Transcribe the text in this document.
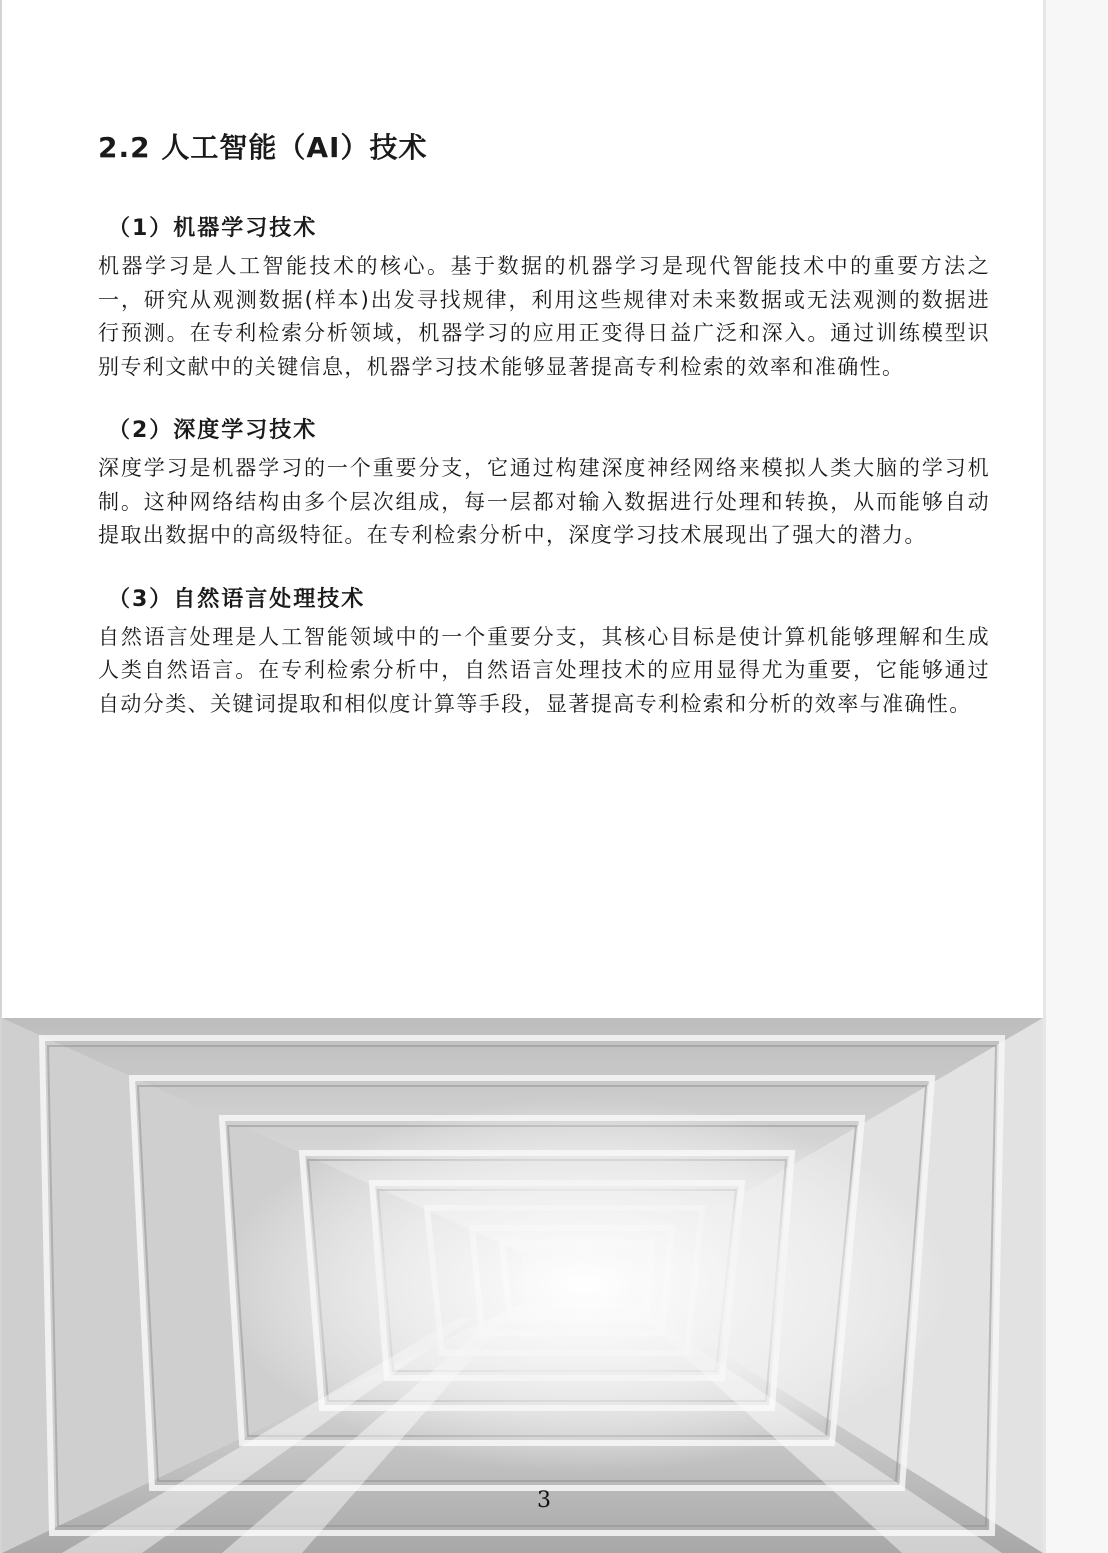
2.2 人工智能（AI）技术
（1）机器学习技术

机器学习是人工智能技术的核心。基于数据的机器学习是现代智能技术中的重要方法之一，研究从观测数据(样本)出发寻找规律，利用这些规律对未来数据或无法观测的数据进行预测。在专利检索分析领域，机器学习的应用正变得日益广泛和深入。通过训练模型识别专利文献中的关键信息，机器学习技术能够显著提高专利检索的效率和准确性。

（2）深度学习技术

深度学习是机器学习的一个重要分支，它通过构建深度神经网络来模拟人类大脑的学习机制。这种网络结构由多个层次组成，每一层都对输入数据进行处理和转换，从而能够自动提取出数据中的高级特征。在专利检索分析中，深度学习技术展现出了强大的潜力。

（3）自然语言处理技术

自然语言处理是人工智能领域中的一个重要分支，其核心目标是使计算机能够理解和生成人类自然语言。在专利检索分析中，自然语言处理技术的应用显得尤为重要，它能够通过自动分类、关键词提取和相似度计算等手段，显著提高专利检索和分析的效率与准确性。

3
